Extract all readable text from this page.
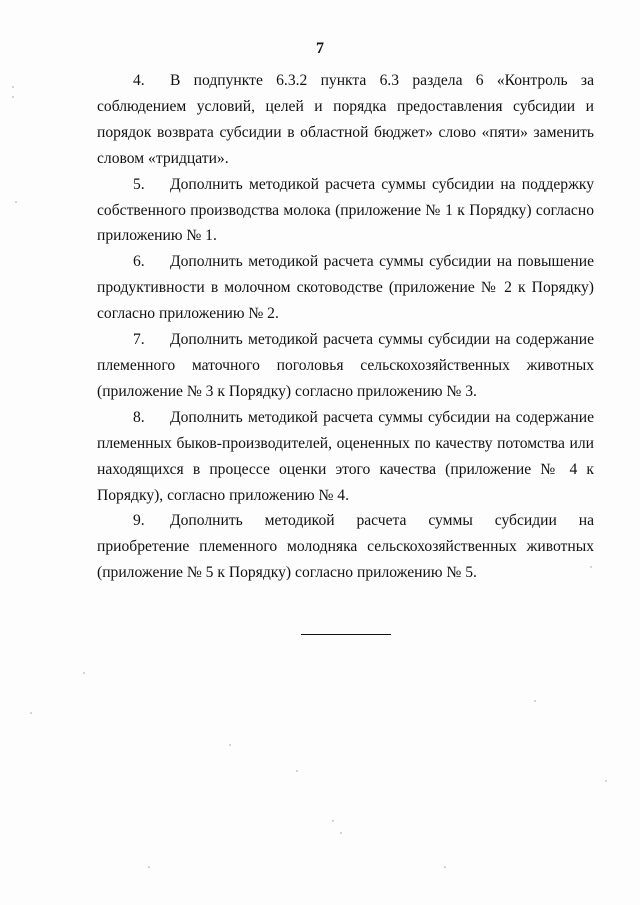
7

4. В подпункте 6.3.2 пункта 6.3 раздела 6 «Контроль за соблюдением условий, целей и порядка предоставления субсидии и порядок возврата субсидии в областной бюджет» слово «пяти» заменить словом «тридцати».

5. Дополнить методикой расчета суммы субсидии на поддержку собственного производства молока (приложение № 1 к Порядку) согласно приложению № 1.

6. Дополнить методикой расчета суммы субсидии на повышение продуктивности в молочном скотоводстве (приложение № 2 к Порядку) согласно приложению № 2.

7. Дополнить методикой расчета суммы субсидии на содержание племенного маточного поголовья сельскохозяйственных животных (приложение № 3 к Порядку) согласно приложению № 3.

8. Дополнить методикой расчета суммы субсидии на содержание племенных быков-производителей, оцененных по качеству потомства или находящихся в процессе оценки этого качества (приложение № 4 к Порядку), согласно приложению № 4.

9. Дополнить методикой расчета суммы субсидии на приобретение племенного молодняка сельскохозяйственных животных (приложение № 5 к Порядку) согласно приложению № 5.
